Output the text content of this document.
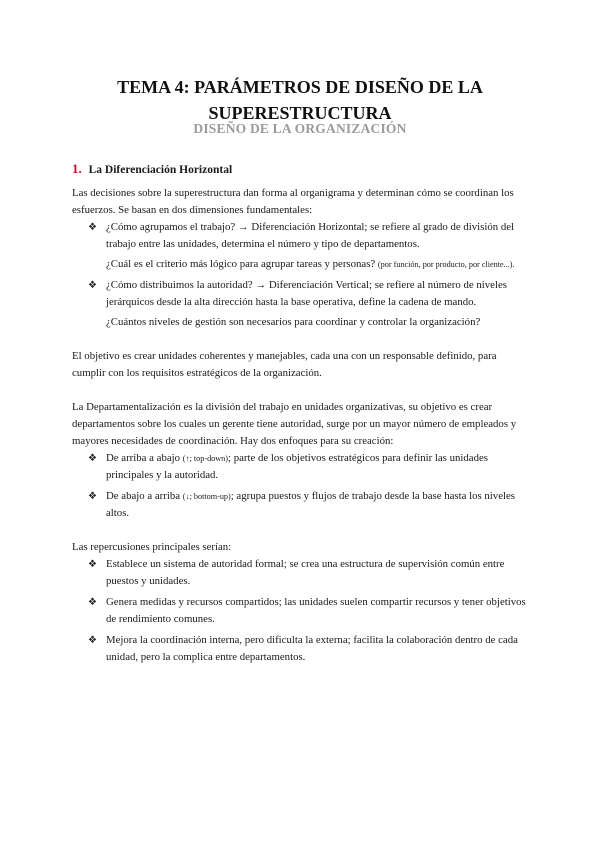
TEMA 4: PARÁMETROS DE DISEÑO DE LA
SUPERESTRUCTURA
DISEÑO DE LA ORGANIZACIÓN
1. La Diferenciación Horizontal

Las decisiones sobre la superestructura dan forma al organigrama y determinan cómo se coordinan los esfuerzos. Se basan en dos dimensiones fundamentales:

❖ ¿Cómo agrupamos el trabajo? → Diferenciación Horizontal; se refiere al grado de división del trabajo entre las unidades, determina el número y tipo de departamentos.
¿Cuál es el criterio más lógico para agrupar tareas y personas? (por función, por producto, por cliente...).
❖ ¿Cómo distribuimos la autoridad? → Diferenciación Vertical; se refiere al número de niveles jerárquicos desde la alta dirección hasta la base operativa, define la cadena de mando.
¿Cuántos niveles de gestión son necesarios para coordinar y controlar la organización?

El objetivo es crear unidades coherentes y manejables, cada una con un responsable definido, para cumplir con los requisitos estratégicos de la organización.

La Departamentalización es la división del trabajo en unidades organizativas, su objetivo es crear departamentos sobre los cuales un gerente tiene autoridad, surge por un mayor número de empleados y mayores necesidades de coordinación. Hay dos enfoques para su creación:

❖ De arriba a abajo (↑; top-down); parte de los objetivos estratégicos para definir las unidades principales y la autoridad.
❖ De abajo a arriba (↓; bottom-up); agrupa puestos y flujos de trabajo desde la base hasta los niveles altos.

Las repercusiones principales serían:

❖ Establece un sistema de autoridad formal; se crea una estructura de supervisión común entre puestos y unidades.
❖ Genera medidas y recursos compartidos; las unidades suelen compartir recursos y tener objetivos de rendimiento comunes.
❖ Mejora la coordinación interna, pero dificulta la externa; facilita la colaboración dentro de cada unidad, pero la complica entre departamentos.
